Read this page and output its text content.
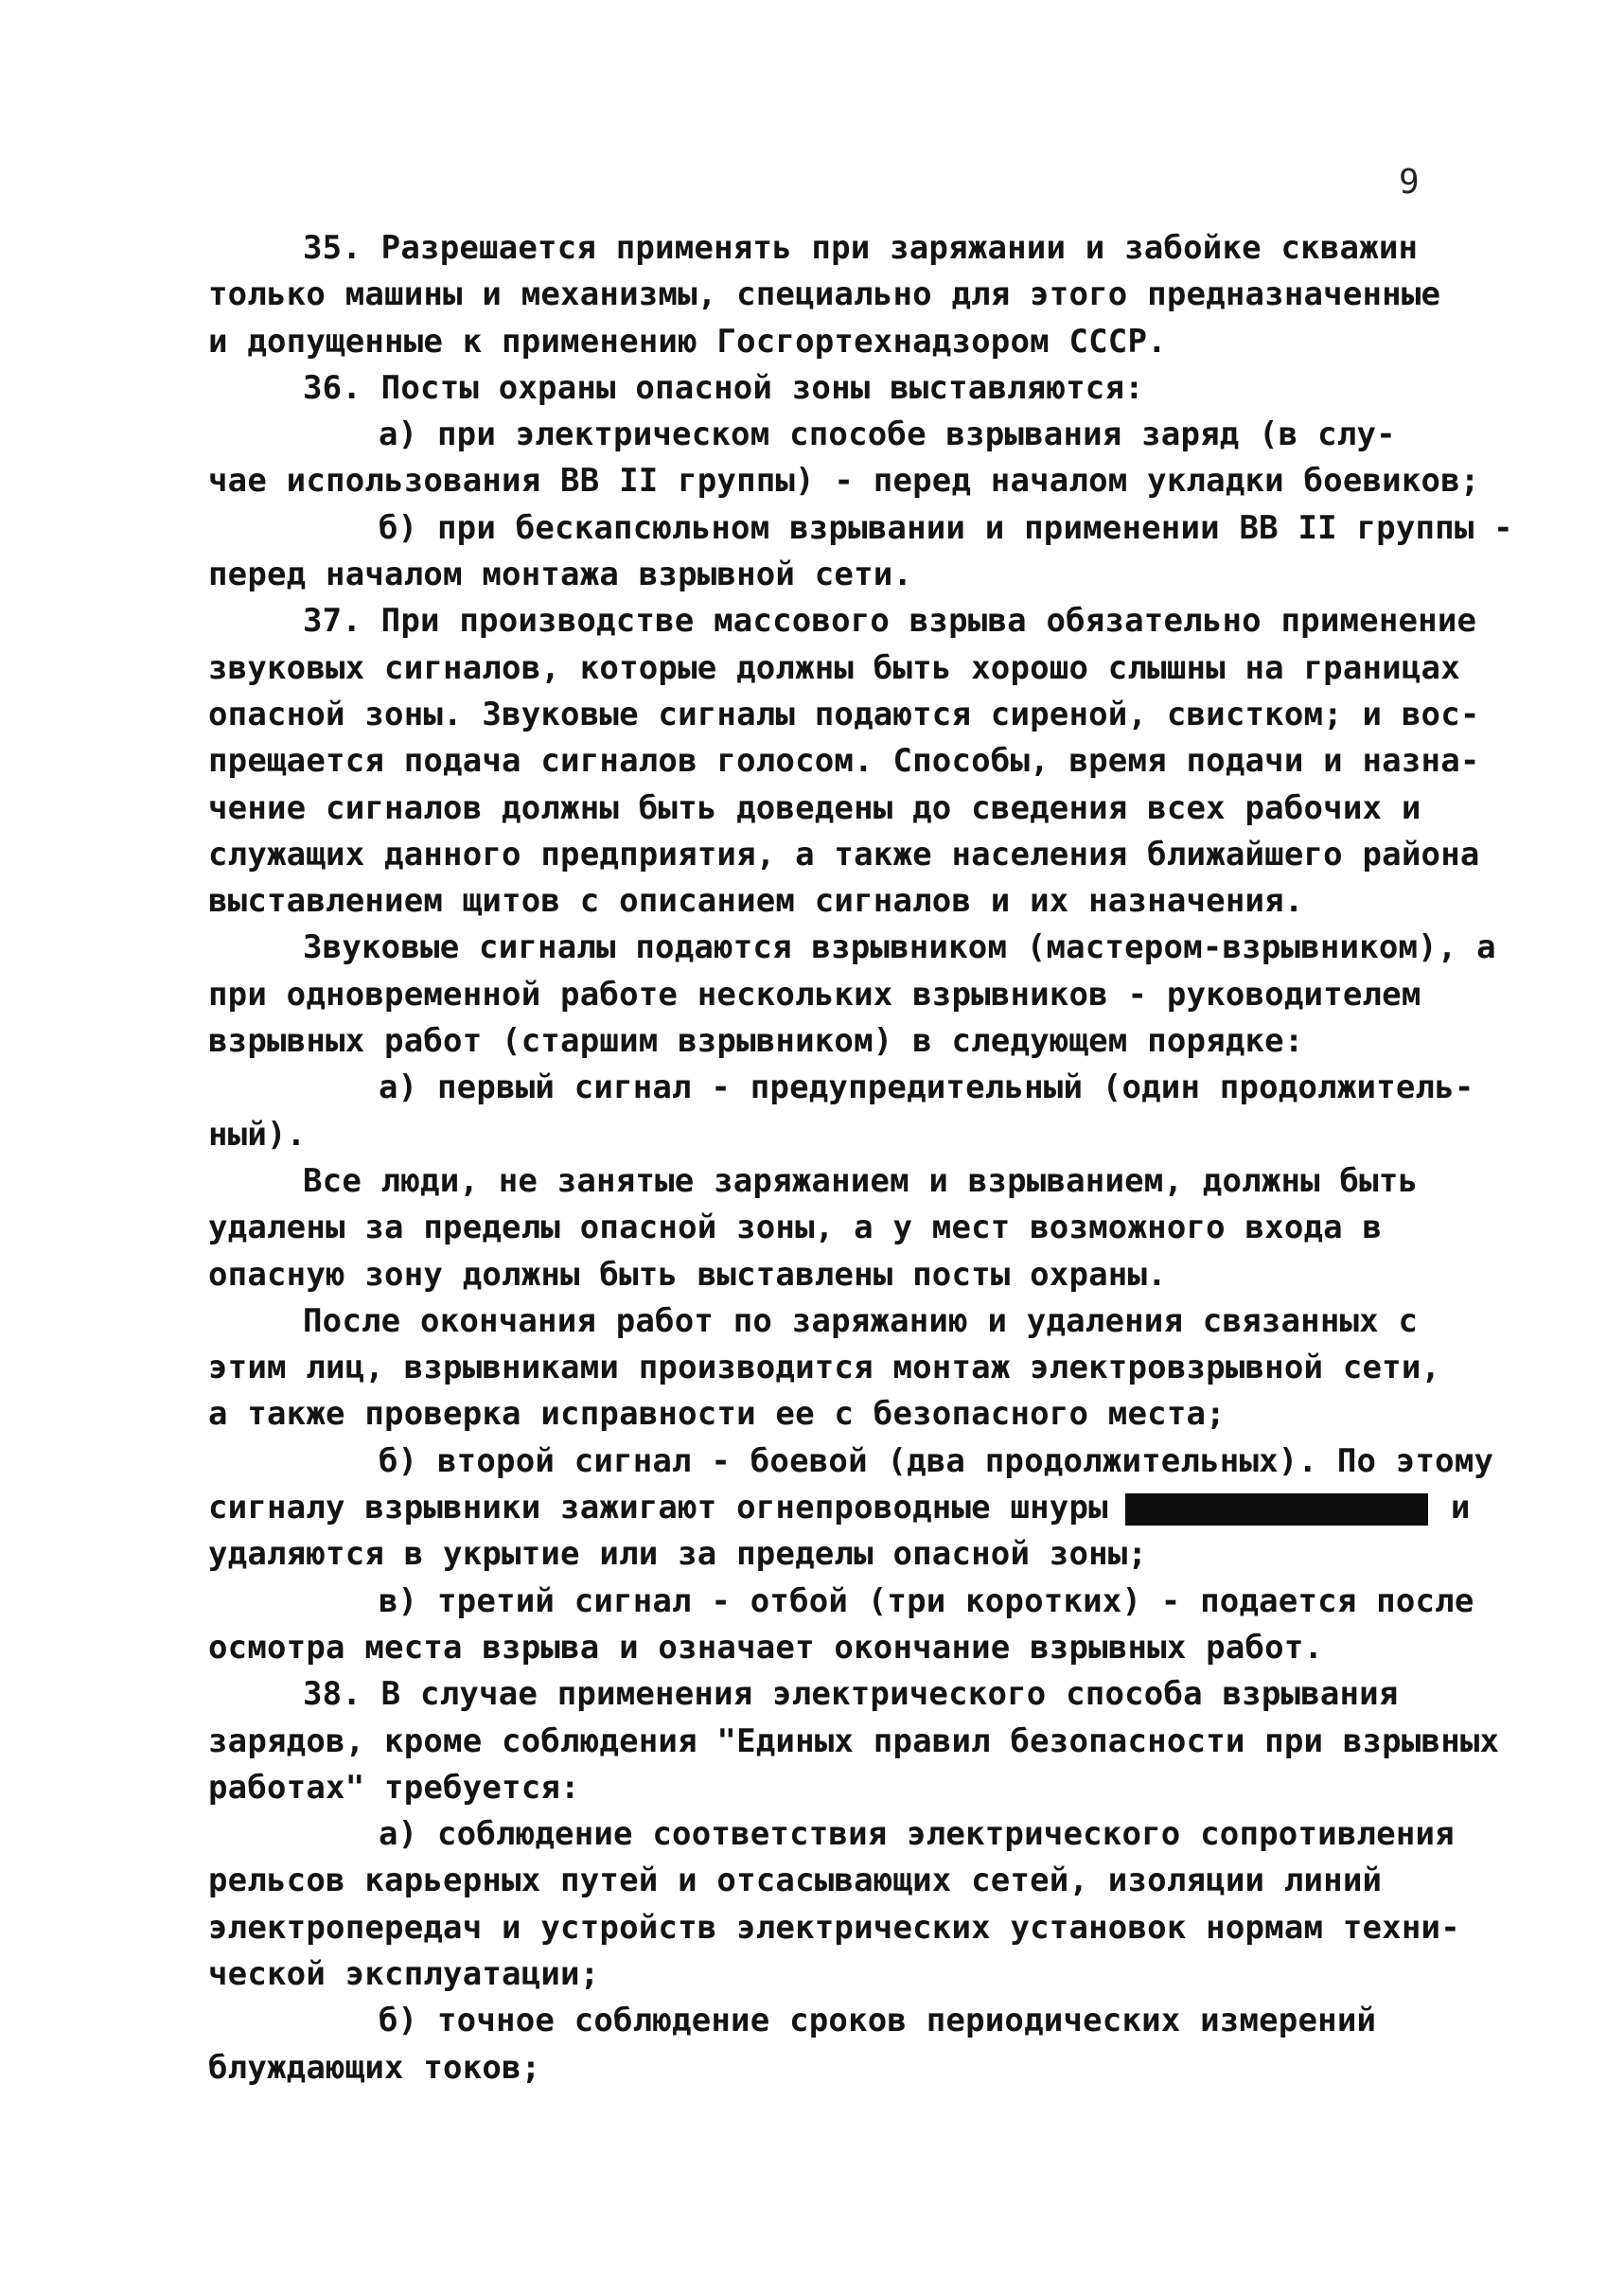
9
35. Разрешается применять при заряжании и забойке скважин
только машины и механизмы, специально для этого предназначенные
и допущенные к применению Госгортехнадзором СССР.
36. Посты охраны опасной зоны выставляются:
а) при электрическом способе взрывания заряд (в слу-
чае использования ВВ II группы) - перед началом укладки боевиков;
б) при бескапсюльном взрывании и применении ВВ II группы -
перед началом монтажа взрывной сети.
37. При производстве массового взрыва обязательно применение
звуковых сигналов, которые должны быть хорошо слышны на границах
опасной зоны. Звуковые сигналы подаются сиреной, свистком; и вос-
прещается подача сигналов голосом. Способы, время подачи и назна-
чение сигналов должны быть доведены до сведения всех рабочих и
служащих данного предприятия, а также населения ближайшего района
выставлением щитов с описанием сигналов и их назначения.
Звуковые сигналы подаются взрывником (мастером-взрывником), а
при одновременной работе нескольких взрывников - руководителем
взрывных работ (старшим взрывником) в следующем порядке:
а) первый сигнал - предупредительный (один продолжитель-
ный).
Все люди, не занятые заряжанием и взрыванием, должны быть
удалены за пределы опасной зоны, а у мест возможного входа в
опасную зону должны быть выставлены посты охраны.
После окончания работ по заряжанию и удаления связанных с
этим лиц, взрывниками производится монтаж электровзрывной сети,
а также проверка исправности ее с безопасного места;
б) второй сигнал - боевой (два продолжительных). По этому
сигналу взрывники зажигают огнепроводные шнуры	и
удаляются в укрытие или за пределы опасной зоны;
в) третий сигнал - отбой (три коротких) - подается после
осмотра места взрыва и означает окончание взрывных работ.
38. В случае применения электрического способа взрывания
зарядов, кроме соблюдения "Единых правил безопасности при взрывных
работах" требуется:
а) соблюдение соответствия электрического сопротивления
рельсов карьерных путей и отсасывающих сетей, изоляции линий
электропередач и устройств электрических установок нормам техни-
ческой эксплуатации;
б) точное соблюдение сроков периодических измерений
блуждающих токов;
